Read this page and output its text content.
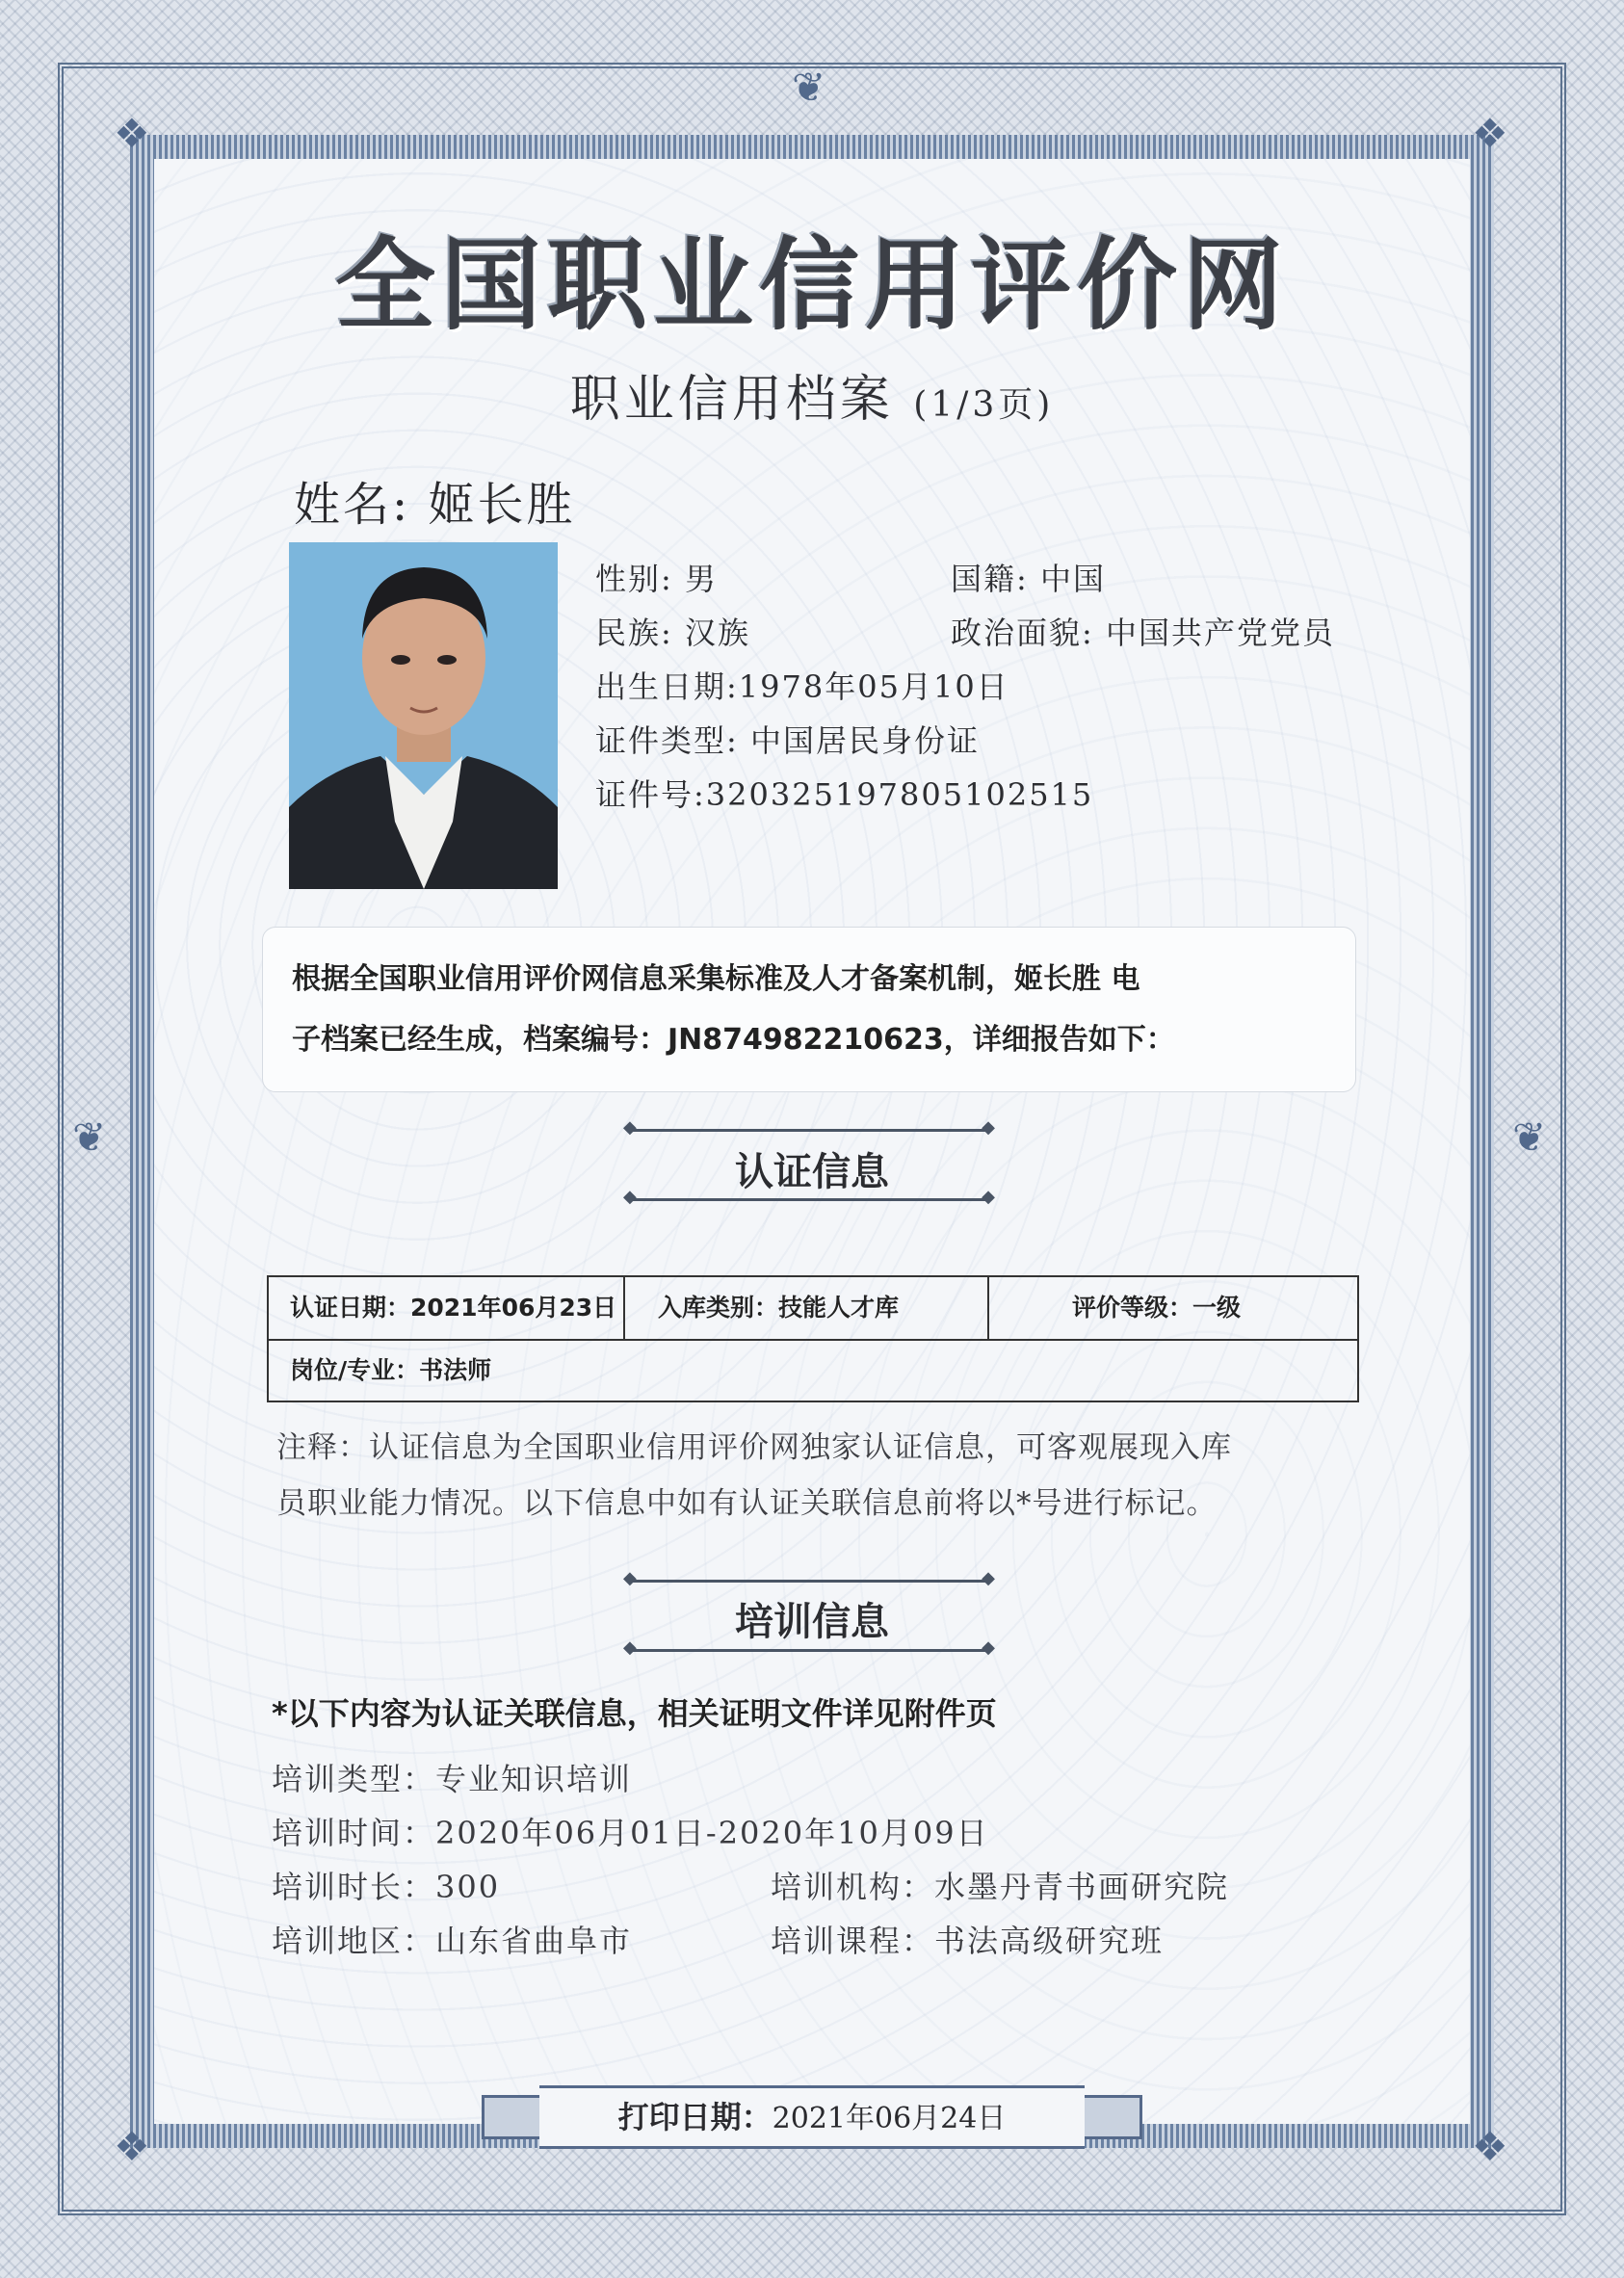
❖	❖
❖	❖
❦
❦	❦
全国职业信用评价网
职业信用档案 (1/3页)
姓名: 姬长胜
性别: 男	国籍: 中国
民族: 汉族	政治面貌: 中国共产党党员
出生日期:1978年05月10日
证件类型: 中国居民身份证
证件号:320325197805102515
根据全国职业信用评价网信息采集标准及人才备案机制，姬长胜 电
子档案已经生成，档案编号：JN874982210623，详细报告如下：
◆ ◆
认证信息
◆ ◆
认证日期：2021年06月23日	入库类别：技能人才库	评价等级：一级
岗位/专业：书法师
注释：认证信息为全国职业信用评价网独家认证信息，可客观展现入库
员职业能力情况。以下信息中如有认证关联信息前将以*号进行标记。
◆ ◆
培训信息
◆ ◆
*以下内容为认证关联信息，相关证明文件详见附件页
培训类型：专业知识培训
培训时间：2020年06月01日-2020年10月09日
培训时长：300	培训机构：水墨丹青书画研究院
培训地区：山东省曲阜市	培训课程：书法高级研究班
打印日期：2021年06月24日
